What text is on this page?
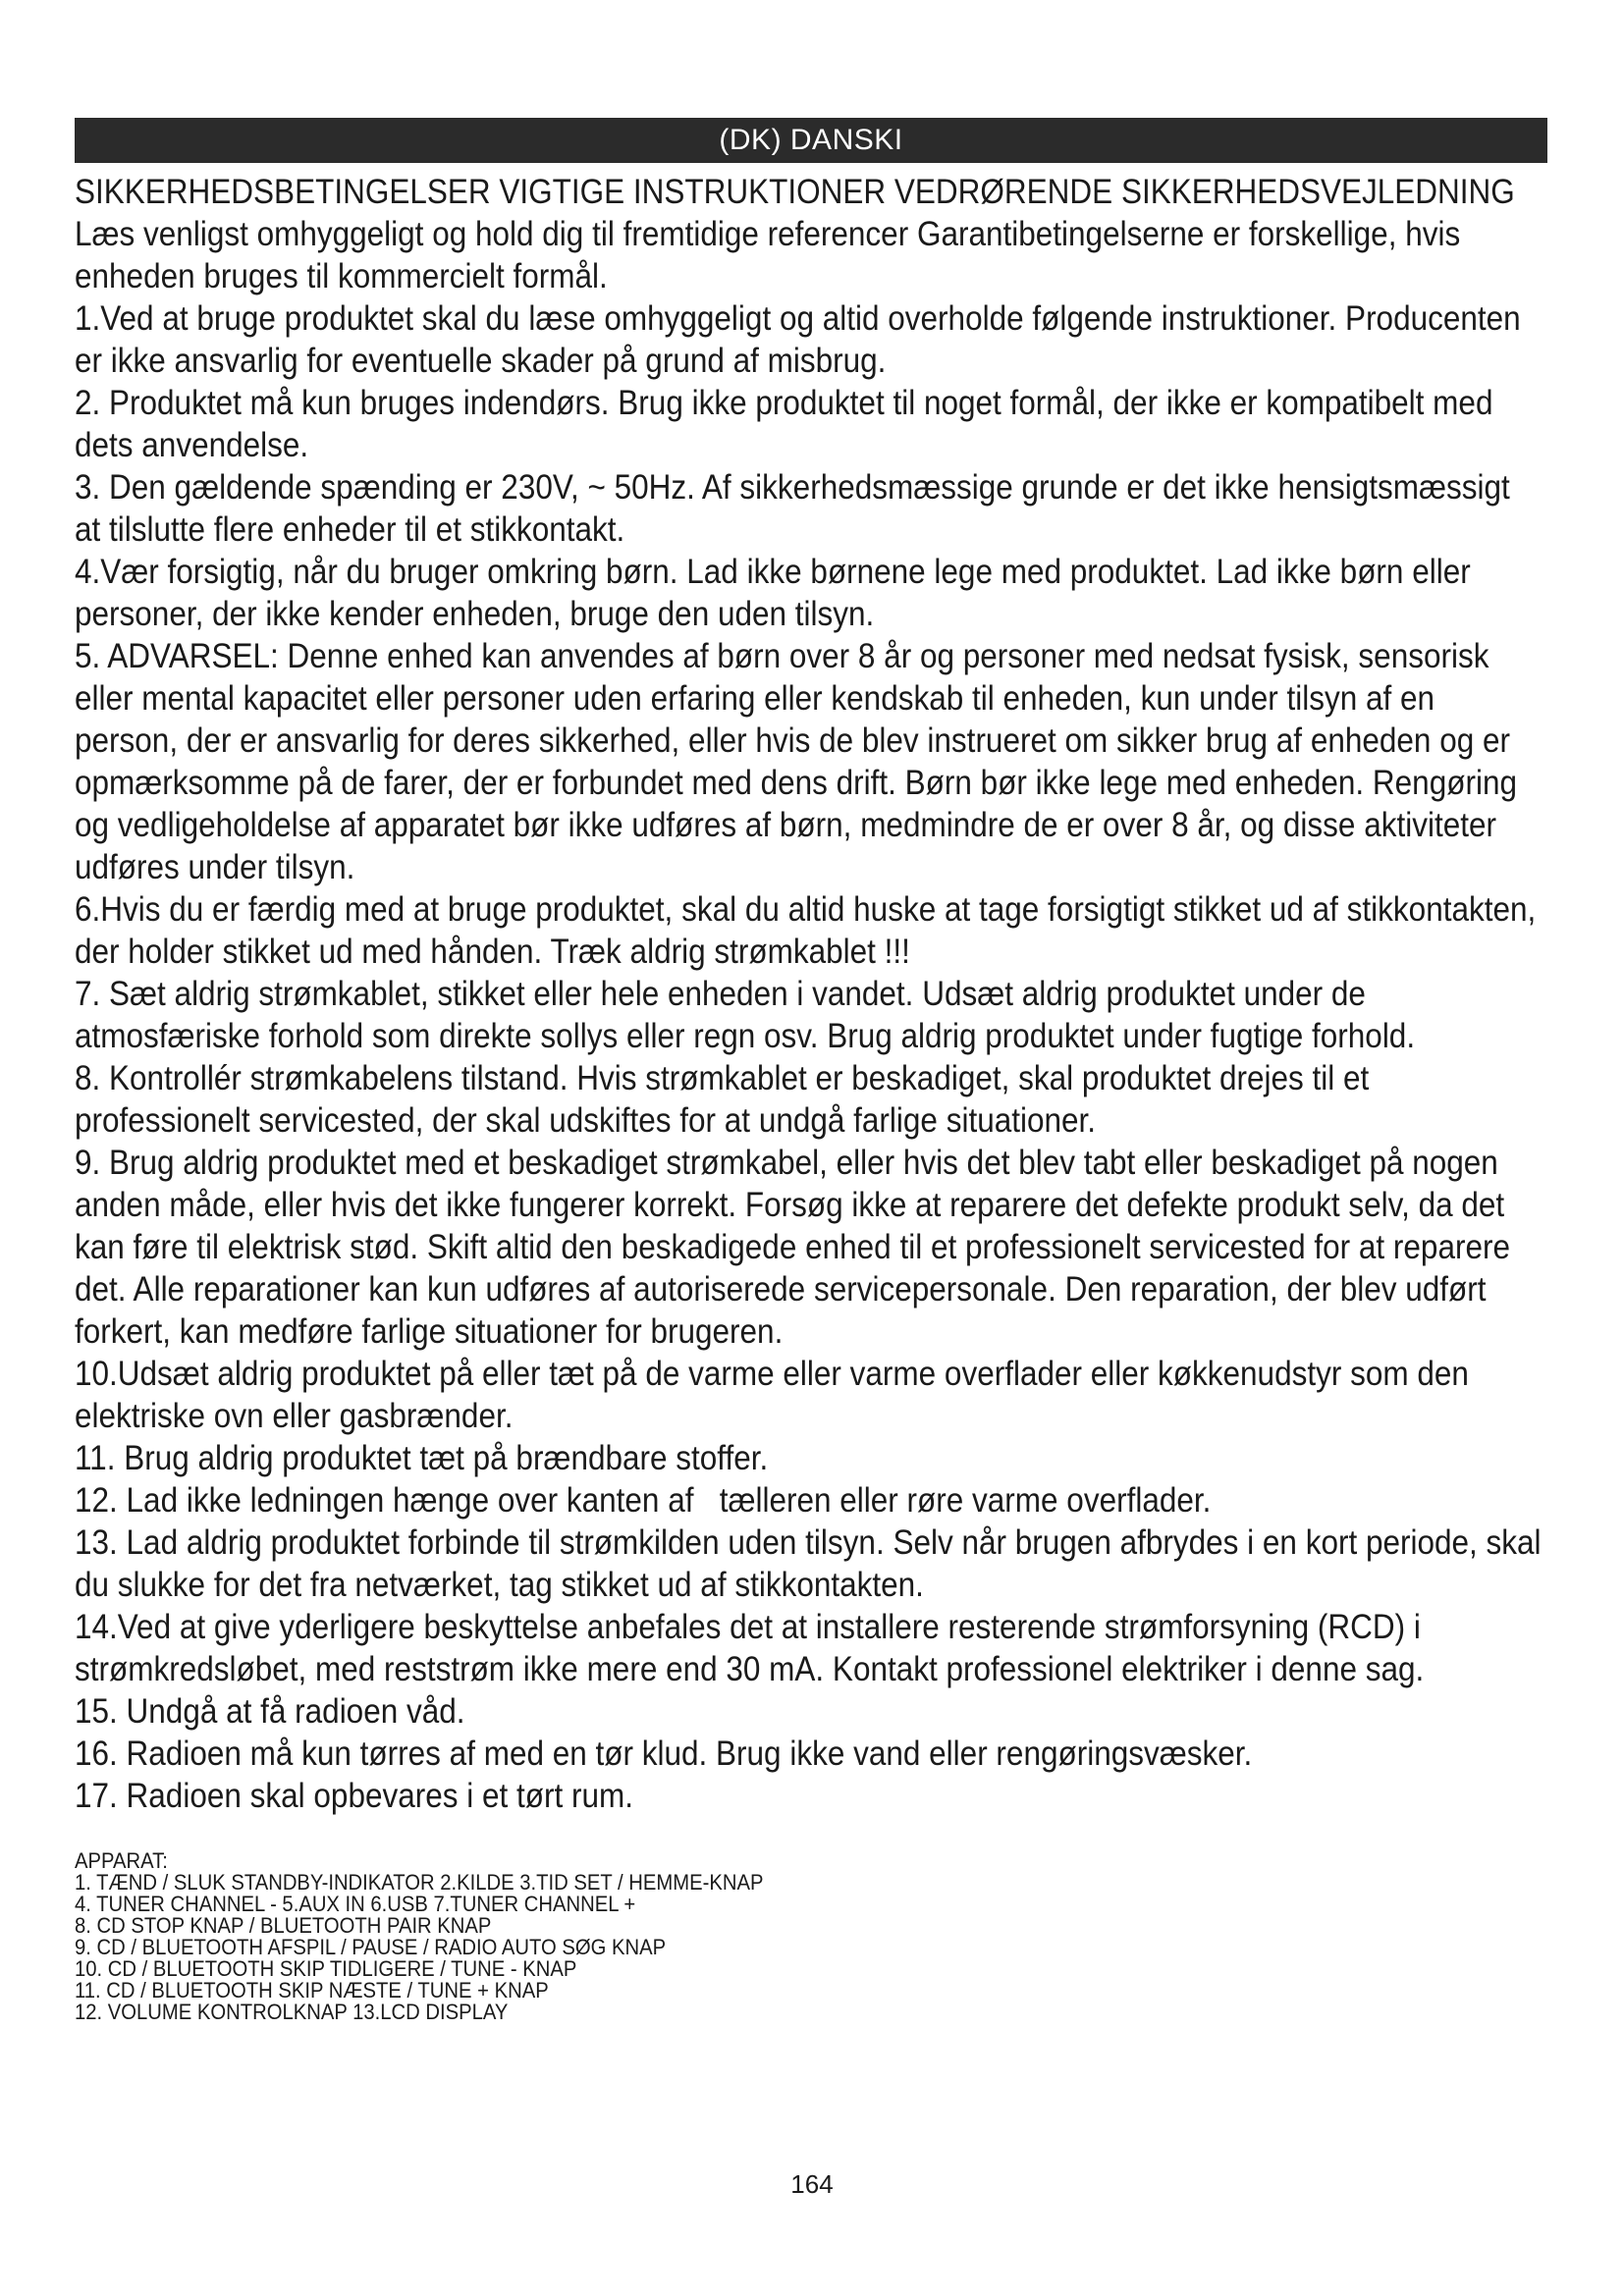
(DK) DANSKI

SIKKERHEDSBETINGELSER VIGTIGE INSTRUKTIONER VEDRØRENDE SIKKERHEDSVEJLEDNING Læs venligst omhyggeligt og hold dig til fremtidige referencer Garantibetingelserne er forskellige, hvis enheden bruges til kommercielt formål.

1.Ved at bruge produktet skal du læse omhyggeligt og altid overholde følgende instruktioner. Producenten er ikke ansvarlig for eventuelle skader på grund af misbrug.

2. Produktet må kun bruges indendørs. Brug ikke produktet til noget formål, der ikke er kompatibelt med dets anvendelse.

3. Den gældende spænding er 230V, ~ 50Hz. Af sikkerhedsmæssige grunde er det ikke hensigtsmæssigt at tilslutte flere enheder til et stikkontakt.

4.Vær forsigtig, når du bruger omkring børn. Lad ikke børnene lege med produktet. Lad ikke børn eller personer, der ikke kender enheden, bruge den uden tilsyn.

5. ADVARSEL: Denne enhed kan anvendes af børn over 8 år og personer med nedsat fysisk, sensorisk eller mental kapacitet eller personer uden erfaring eller kendskab til enheden, kun under tilsyn af en person, der er ansvarlig for deres sikkerhed, eller hvis de blev instrueret om sikker brug af enheden og er opmærksomme på de farer, der er forbundet med dens drift. Børn bør ikke lege med enheden. Rengøring og vedligeholdelse af apparatet bør ikke udføres af børn, medmindre de er over 8 år, og disse aktiviteter udføres under tilsyn.

6.Hvis du er færdig med at bruge produktet, skal du altid huske at tage forsigtigt stikket ud af stikkontakten, der holder stikket ud med hånden. Træk aldrig strømkablet !!!

7. Sæt aldrig strømkablet, stikket eller hele enheden i vandet. Udsæt aldrig produktet under de atmosfæriske forhold som direkte sollys eller regn osv. Brug aldrig produktet under fugtige forhold.

8. Kontrollér strømkabelens tilstand. Hvis strømkablet er beskadiget, skal produktet drejes til et professionelt servicested, der skal udskiftes for at undgå farlige situationer.

9. Brug aldrig produktet med et beskadiget strømkabel, eller hvis det blev tabt eller beskadiget på nogen anden måde, eller hvis det ikke fungerer korrekt. Forsøg ikke at reparere det defekte produkt selv, da det kan føre til elektrisk stød. Skift altid den beskadigede enhed til et professionelt servicested for at reparere det. Alle reparationer kan kun udføres af autoriserede servicepersonale. Den reparation, der blev udført forkert, kan medføre farlige situationer for brugeren.

10.Udsæt aldrig produktet på eller tæt på de varme eller varme overflader eller køkkenudstyr som den elektriske ovn eller gasbrænder.

11. Brug aldrig produktet tæt på brændbare stoffer.

12. Lad ikke ledningen hænge over kanten af   tælleren eller røre varme overflader.

13. Lad aldrig produktet forbinde til strømkilden uden tilsyn. Selv når brugen afbrydes i en kort periode, skal du slukke for det fra netværket, tag stikket ud af stikkontakten.

14.Ved at give yderligere beskyttelse anbefales det at installere resterende strømforsyning (RCD) i strømkredsløbet, med reststrøm ikke mere end 30 mA. Kontakt professionel elektriker i denne sag.

15. Undgå at få radioen våd.

16. Radioen må kun tørres af med en tør klud. Brug ikke vand eller rengøringsvæsker.

17. Radioen skal opbevares i et tørt rum.

APPARAT:

1. TÆND / SLUK STANDBY-INDIKATOR 2.KILDE 3.TID SET / HEMME-KNAP

4. TUNER CHANNEL - 5.AUX IN 6.USB 7.TUNER CHANNEL +

8. CD STOP KNAP / BLUETOOTH PAIR KNAP

9. CD / BLUETOOTH AFSPIL / PAUSE / RADIO AUTO SØG KNAP

10. CD / BLUETOOTH SKIP TIDLIGERE / TUNE - KNAP

11. CD / BLUETOOTH SKIP NÆSTE / TUNE + KNAP

12. VOLUME KONTROLKNAP 13.LCD DISPLAY

164
